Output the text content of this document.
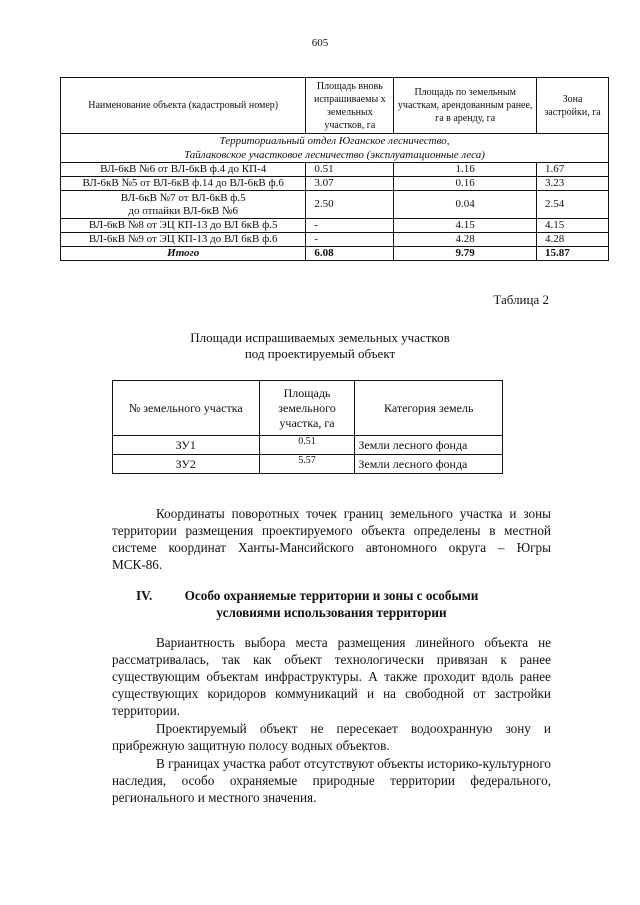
605
Наименование объекта (кадастровый номер)	Площадь вновь испрашиваемы х земельных участков, га	Площадь по земельным участкам, арендованным ранее, га в аренду, га	Зона застройки, га

Территориальный отдел Юганское лесничество,
Тайлаковское участковое лесничество (эксплуатационные леса)			

ВЛ-6кВ №6 от ВЛ-6кВ ф.4 до КП-4	0.51	1.16	1.67
ВЛ-6кВ №5 от ВЛ-6кВ ф.14 до ВЛ-6кВ ф.6	3.07	0.16	3.23

ВЛ-6кВ №7 от ВЛ-6кВ ф.5
до отпайки ВЛ-6кВ №6	2.50	0.04	2.54
ВЛ-6кВ №8 от ЭЦ КП-13 до ВЛ 6кВ ф.5	-	4.15	4.15
ВЛ-6кВ №9 от ЭЦ КП-13 до ВЛ 6кВ ф.6	-	4.28	4.28
Итого	6.08	9.79	15.87
Таблица 2
Площади испрашиваемых земельных участков
под проектируемый объект
№ земельного участка	Площадь земельного участка, га	Категория земель
ЗУ1	0.51	Земли лесного фонда
ЗУ2	5.57	Земли лесного фонда

Координаты поворотных точек границ земельного участка и зоны территории размещения проектируемого объекта определены в местной системе координат Ханты-Мансийского автономного округа – Югры МСК-86.

IV.	Особо охраняемые территории и зоны с особыми
условиями использования территории

Вариантность выбора места размещения линейного объекта не рассматривалась, так как объект технологически привязан к ранее существующим объектам инфраструктуры. А также проходит вдоль ранее существующих коридоров коммуникаций и на свободной от застройки территории.

Проектируемый объект не пересекает водоохранную зону и прибрежную защитную полосу водных объектов.

В границах участка работ отсутствуют объекты историко-культурного наследия, особо охраняемые природные территории федерального, регионального и местного значения.
